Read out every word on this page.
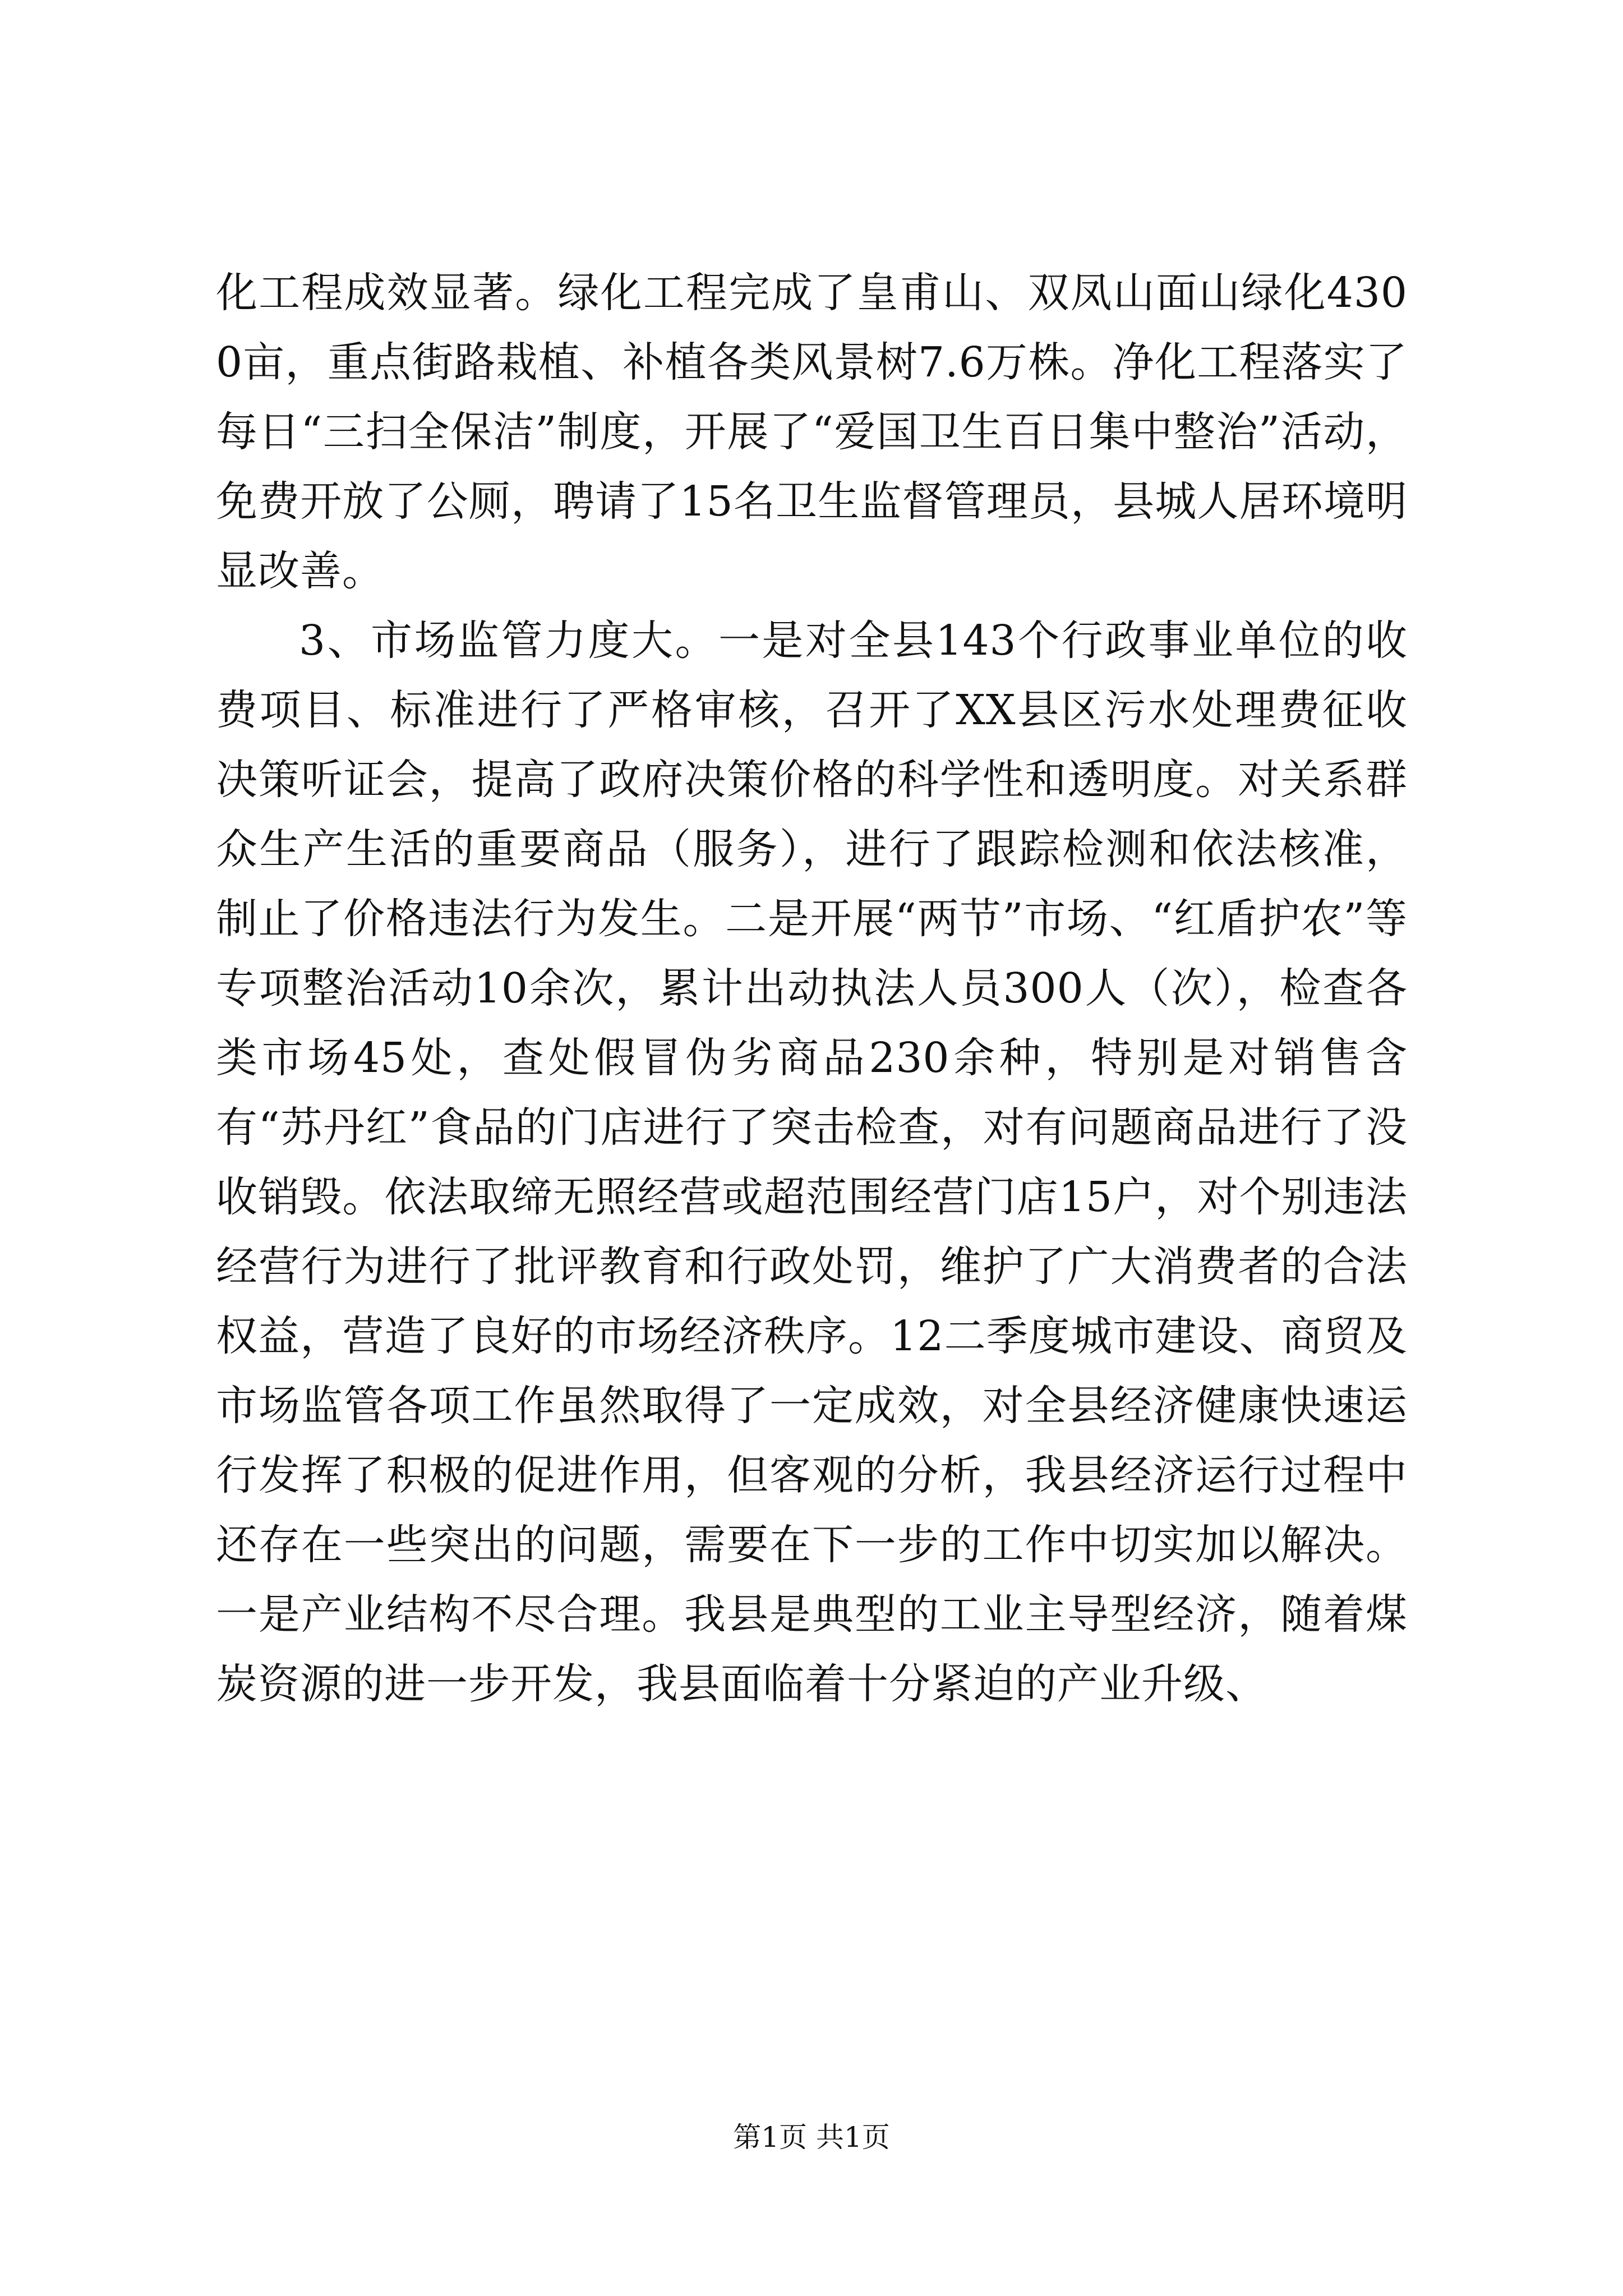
化工程成效显著。绿化工程完成了皇甫山、双凤山面山绿化4300亩，重点街路栽植、补植各类风景树7.6万株。净化工程落实了每日“三扫全保洁”制度，开展了“爱国卫生百日集中整治”活动，免费开放了公厕，聘请了15名卫生监督管理员，县城人居环境明显改善。

3、市场监管力度大。一是对全县143个行政事业单位的收费项目、标准进行了严格审核，召开了XX县区污水处理费征收决策听证会，提高了政府决策价格的科学性和透明度。对关系群众生产生活的重要商品（服务），进行了跟踪检测和依法核准，制止了价格违法行为发生。二是开展“两节”市场、“红盾护农”等专项整治活动10余次，累计出动执法人员300人（次），检查各类市场45处，查处假冒伪劣商品230余种，特别是对销售含有“苏丹红”食品的门店进行了突击检查，对有问题商品进行了没收销毁。依法取缔无照经营或超范围经营门店15户，对个别违法经营行为进行了批评教育和行政处罚，维护了广大消费者的合法权益，营造了良好的市场经济秩序。12二季度城市建设、商贸及市场监管各项工作虽然取得了一定成效，对全县经济健康快速运行发挥了积极的促进作用，但客观的分析，我县经济运行过程中还存在一些突出的问题，需要在下一步的工作中切实加以解决。一是产业结构不尽合理。我县是典型的工业主导型经济，随着煤炭资源的进一步开发，我县面临着十分紧迫的产业升级、

第1页 共1页
